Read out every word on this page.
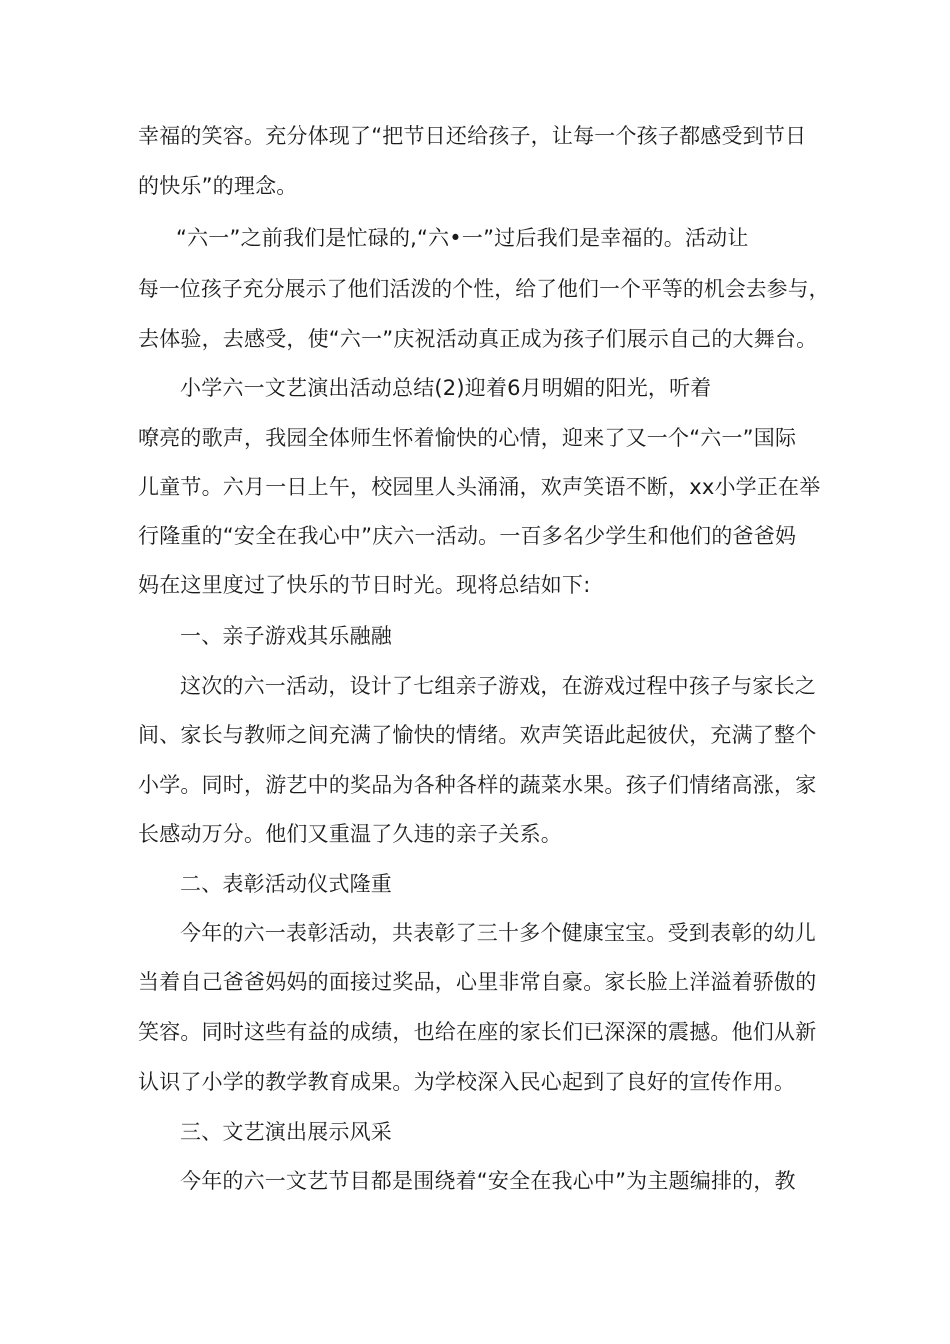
幸福的笑容。充分体现了“把节日还给孩子，让每一个孩子都感受到节日
的快乐”的理念。
“六一”之前我们是忙碌的,“六•一”过后我们是幸福的。活动让
每一位孩子充分展示了他们活泼的个性，给了他们一个平等的机会去参与，
去体验，去感受，使“六一”庆祝活动真正成为孩子们展示自己的大舞台。
小学六一文艺演出活动总结(2)迎着6月明媚的阳光，听着
嘹亮的歌声，我园全体师生怀着愉快的心情，迎来了又一个“六一”国际
儿童节。六月一日上午，校园里人头涌涌，欢声笑语不断，xx小学正在举
行隆重的“安全在我心中”庆六一活动。一百多名少学生和他们的爸爸妈
妈在这里度过了快乐的节日时光。现将总结如下:
一、亲子游戏其乐融融
这次的六一活动，设计了七组亲子游戏，在游戏过程中孩子与家长之
间、家长与教师之间充满了愉快的情绪。欢声笑语此起彼伏，充满了整个
小学。同时，游艺中的奖品为各种各样的蔬菜水果。孩子们情绪高涨，家
长感动万分。他们又重温了久违的亲子关系。
二、表彰活动仪式隆重
今年的六一表彰活动，共表彰了三十多个健康宝宝。受到表彰的幼儿
当着自己爸爸妈妈的面接过奖品，心里非常自豪。家长脸上洋溢着骄傲的
笑容。同时这些有益的成绩，也给在座的家长们已深深的震撼。他们从新
认识了小学的教学教育成果。为学校深入民心起到了良好的宣传作用。
三、文艺演出展示风采
今年的六一文艺节目都是围绕着“安全在我心中”为主题编排的，教
